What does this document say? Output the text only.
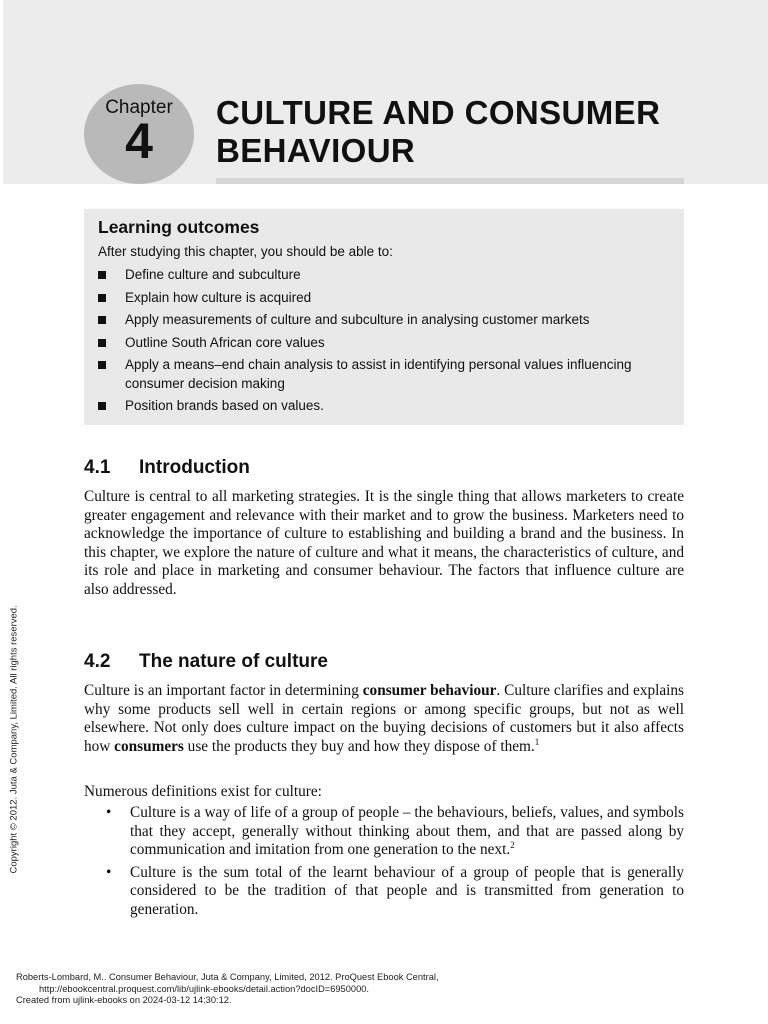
Chapter
4
CULTURE AND CONSUMER
BEHAVIOUR
Learning outcomes
After studying this chapter, you should be able to:
Define culture and subculture
Explain how culture is acquired
Apply measurements of culture and subculture in analysing customer markets
Outline South African core values
Apply a means–end chain analysis to assist in identifying personal values influencing consumer decision making
Position brands based on values.
4.1 Introduction
Culture is central to all marketing strategies. It is the single thing that allows marketers to create greater engagement and relevance with their market and to grow the business. Marketers need to acknowledge the importance of culture to establishing and building a brand and the business. In this chapter, we explore the nature of culture and what it means, the characteristics of culture, and its role and place in marketing and consumer behaviour. The factors that influence culture are also addressed.
4.2 The nature of culture
Culture is an important factor in determining consumer behaviour. Culture clarifies and explains why some products sell well in certain regions or among specific groups, but not as well elsewhere. Not only does culture impact on the buying decisions of customers but it also affects how consumers use the products they buy and how they dispose of them.$^1$
Numerous definitions exist for culture:
• Culture is a way of life of a group of people – the behaviours, beliefs, values, and symbols that they accept, generally without thinking about them, and that are passed along by communication and imitation from one generation to the next.$^2$
• Culture is the sum total of the learnt behaviour of a group of people that is generally considered to be the tradition of that people and is transmitted from generation to generation.
Copyright © 2012. Juta & Company, Limited. All rights reserved.
Roberts-Lombard, M.. Consumer Behaviour, Juta & Company, Limited, 2012. ProQuest Ebook Central,
http://ebookcentral.proquest.com/lib/ujlink-ebooks/detail.action?docID=6950000.
Created from ujlink-ebooks on 2024-03-12 14:30:12.
